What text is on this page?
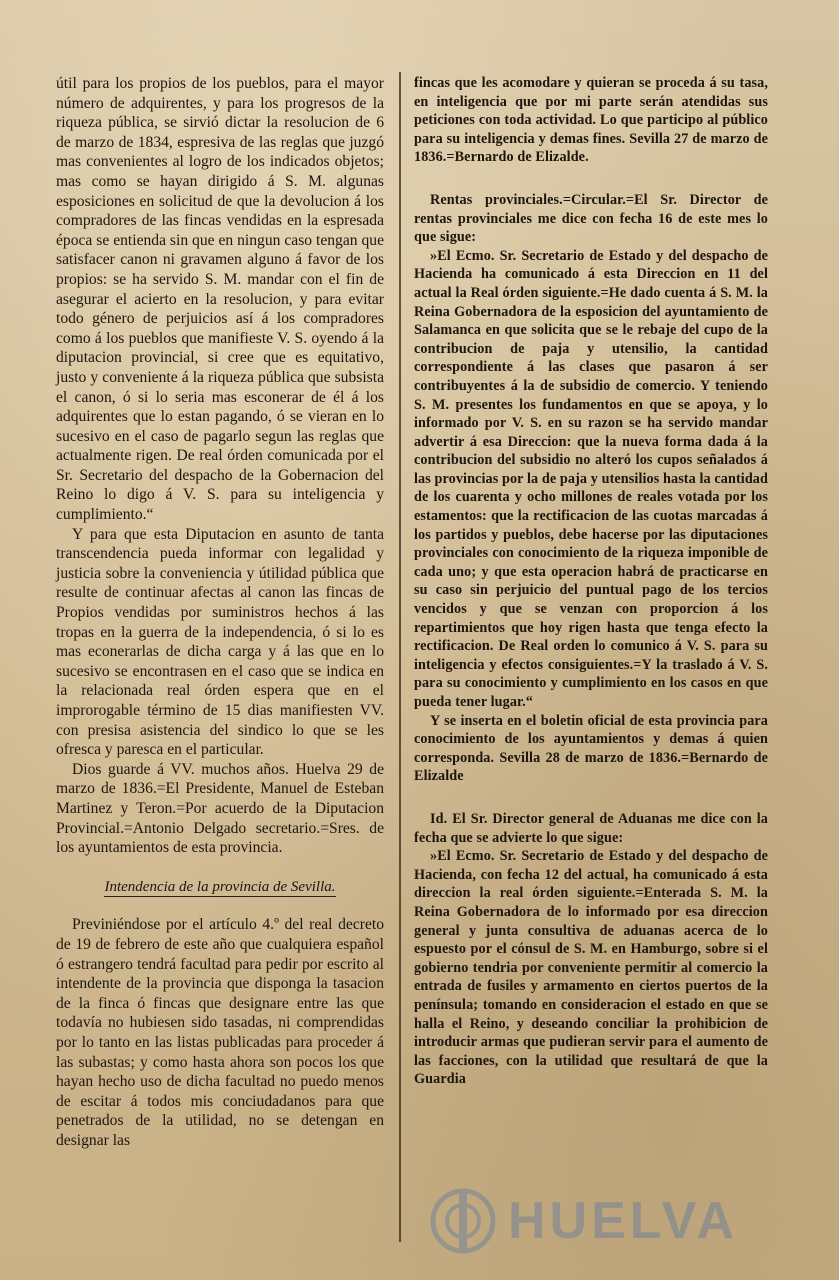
útil para los propios de los pueblos, para el mayor número de adquirentes, y para los progresos de la riqueza pública, se sirvió dictar la resolucion de 6 de marzo de 1834, espresiva de las reglas que juzgó mas convenientes al logro de los indicados objetos; mas como se hayan dirigido á S. M. algunas esposiciones en solicitud de que la devolucion á los compradores de las fincas vendidas en la espresada época se entienda sin que en ningun caso tengan que satisfacer canon ni gravamen alguno á favor de los propios: se ha servido S. M. mandar con el fin de asegurar el acierto en la resolucion, y para evitar todo género de perjuicios así á los compradores como á los pueblos que manifieste V. S. oyendo á la diputacion provincial, si cree que es equitativo, justo y conveniente á la riqueza pública que subsista el canon, ó si lo seria mas esconerar de él á los adquirentes que lo estan pagando, ó se vieran en lo sucesivo en el caso de pagarlo segun las reglas que actualmente rigen. De real órden comunicada por el Sr. Secretario del despacho de la Gobernacion del Reino lo digo á V. S. para su inteligencia y cumplimiento.“

Y para que esta Diputacion en asunto de tanta transcendencia pueda informar con legalidad y justicia sobre la conveniencia y útilidad pública que resulte de continuar afectas al canon las fincas de Propios vendidas por suministros hechos á las tropas en la guerra de la independencia, ó si lo es mas econerarlas de dicha carga y á las que en lo sucesivo se encontrasen en el caso que se indica en la relacionada real órden espera que en el improrogable término de 15 dias manifiesten VV. con presisa asistencia del sindico lo que se les ofresca y paresca en el particular.

Dios guarde á VV. muchos años. Huelva 29 de marzo de 1836.=El Presidente, Manuel de Esteban Martinez y Teron.=Por acuerdo de la Diputacion Provincial.=Antonio Delgado secretario.=Sres. de los ayuntamientos de esta provincia.

Intendencia de la provincia de Sevilla.

Previniéndose por el artículo 4.º del real decreto de 19 de febrero de este año que cualquiera español ó estrangero tendrá facultad para pedir por escrito al intendente de la provincia que disponga la tasacion de la finca ó fincas que designare entre las que todavía no hubiesen sido tasadas, ni comprendidas por lo tanto en las listas publicadas para proceder á las subastas; y como hasta ahora son pocos los que hayan hecho uso de dicha facultad no puedo menos de escitar á todos mis conciudadanos para que penetrados de la utilidad, no se detengan en designar las

fincas que les acomodare y quieran se proceda á su tasa, en inteligencia que por mi parte serán atendidas sus peticiones con toda actividad. Lo que participo al público para su inteligencia y demas fines. Sevilla 27 de marzo de 1836.=Bernardo de Elizalde.

Rentas provinciales.=Circular.=El Sr. Director de rentas provinciales me dice con fecha 16 de este mes lo que sigue:

»El Ecmo. Sr. Secretario de Estado y del despacho de Hacienda ha comunicado á esta Direccion en 11 del actual la Real órden siguiente.=He dado cuenta á S. M. la Reina Gobernadora de la esposicion del ayuntamiento de Salamanca en que solicita que se le rebaje del cupo de la contribucion de paja y utensilio, la cantidad correspondiente á las clases que pasaron á ser contribuyentes á la de subsidio de comercio. Y teniendo S. M. presentes los fundamentos en que se apoya, y lo informado por V. S. en su razon se ha servido mandar advertir á esa Direccion: que la nueva forma dada á la contribucion del subsidio no alteró los cupos señalados á las provincias por la de paja y utensilios hasta la cantidad de los cuarenta y ocho millones de reales votada por los estamentos: que la rectificacion de las cuotas marcadas á los partidos y pueblos, debe hacerse por las diputaciones provinciales con conocimiento de la riqueza imponible de cada uno; y que esta operacion habrá de practicarse en su caso sin perjuicio del puntual pago de los tercios vencidos y que se venzan con proporcion á los repartimientos que hoy rigen hasta que tenga efecto la rectificacion. De Real orden lo comunico á V. S. para su inteligencia y efectos consiguientes.=Y la traslado á V. S. para su conocimiento y cumplimiento en los casos en que pueda tener lugar.“

Y se inserta en el boletin oficial de esta provincia para conocimiento de los ayuntamientos y demas á quien corresponda. Sevilla 28 de marzo de 1836.=Bernardo de Elizalde

Id. El Sr. Director general de Aduanas me dice con la fecha que se advierte lo que sigue:

»El Ecmo. Sr. Secretario de Estado y del despacho de Hacienda, con fecha 12 del actual, ha comunicado á esta direccion la real órden siguiente.=Enterada S. M. la Reina Gobernadora de lo informado por esa direccion general y junta consultiva de aduanas acerca de lo espuesto por el cónsul de S. M. en Hamburgo, sobre si el gobierno tendria por conveniente permitir al comercio la entrada de fusiles y armamento en ciertos puertos de la península; tomando en consideracion el estado en que se halla el Reino, y deseando conciliar la prohibicion de introducir armas que pudieran servir para el aumento de las facciones, con la utilidad que resultará de que la Guardia

HUELVA
